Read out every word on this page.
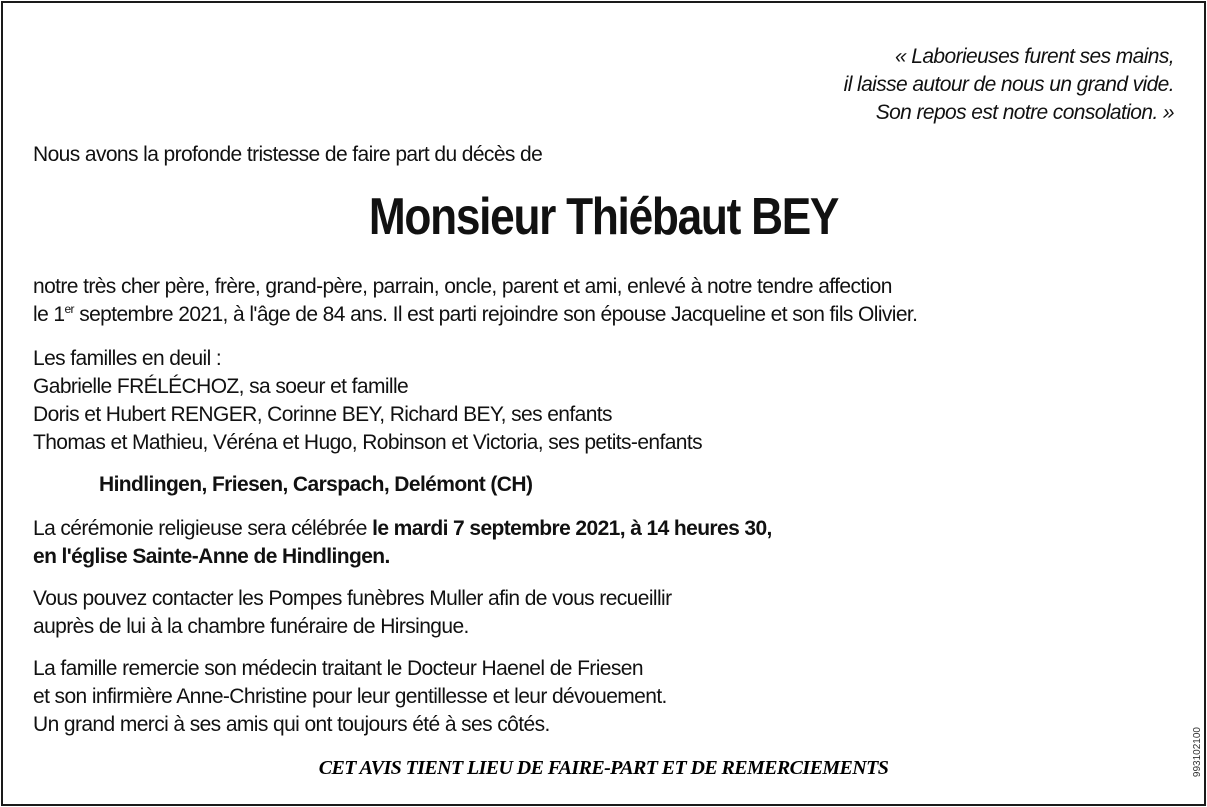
« Laborieuses furent ses mains,
il laisse autour de nous un grand vide.
Son repos est notre consolation. »
Nous avons la profonde tristesse de faire part du décès de
Monsieur Thiébaut BEY
notre très cher père, frère, grand-père, parrain, oncle, parent et ami, enlevé à notre tendre affection
le 1er septembre 2021, à l'âge de 84 ans. Il est parti rejoindre son épouse Jacqueline et son fils Olivier.
Les familles en deuil :
Gabrielle FRÉLÉCHOZ, sa soeur et famille
Doris et Hubert RENGER, Corinne BEY, Richard BEY, ses enfants
Thomas et Mathieu, Véréna et Hugo, Robinson et Victoria, ses petits-enfants
Hindlingen, Friesen, Carspach, Delémont (CH)
La cérémonie religieuse sera célébrée le mardi 7 septembre 2021, à 14 heures 30,
en l'église Sainte-Anne de Hindlingen.
Vous pouvez contacter les Pompes funèbres Muller afin de vous recueillir
auprès de lui à la chambre funéraire de Hirsingue.
La famille remercie son médecin traitant le Docteur Haenel de Friesen
et son infirmière Anne-Christine pour leur gentillesse et leur dévouement.
Un grand merci à ses amis qui ont toujours été à ses côtés.
CET AVIS TIENT LIEU DE FAIRE-PART ET DE REMERCIEMENTS	993102100
